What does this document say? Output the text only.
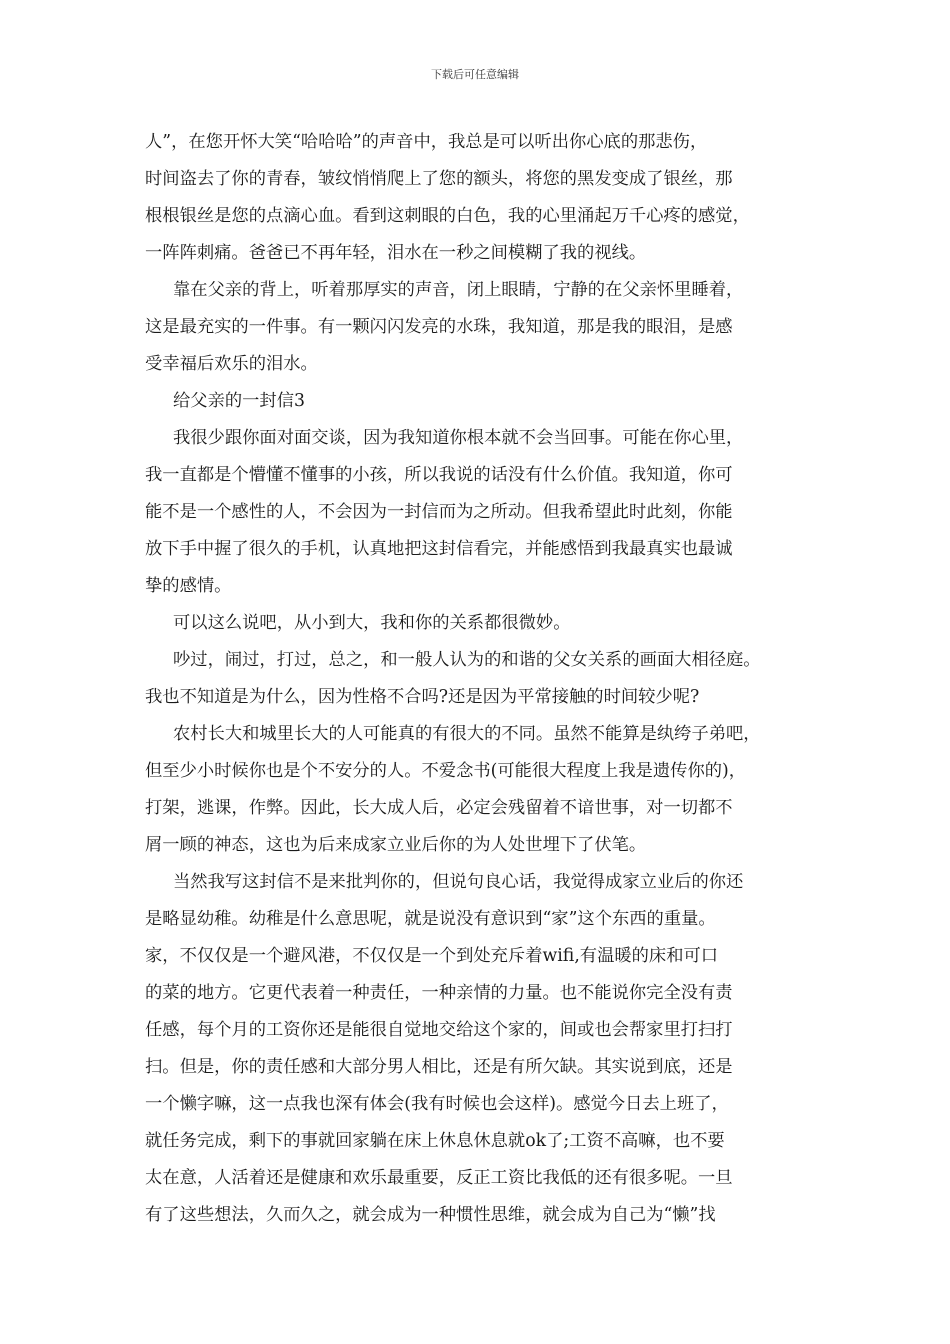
下载后可任意编辑
人”，在您开怀大笑“哈哈哈”的声音中，我总是可以听出你心底的那悲伤，
时间盗去了你的青春，皱纹悄悄爬上了您的额头，将您的黑发变成了银丝，那
根根银丝是您的点滴心血。看到这刺眼的白色，我的心里涌起万千心疼的感觉，
一阵阵刺痛。爸爸已不再年轻，泪水在一秒之间模糊了我的视线。
靠在父亲的背上，听着那厚实的声音，闭上眼睛，宁静的在父亲怀里睡着，
这是最充实的一件事。有一颗闪闪发亮的水珠，我知道，那是我的眼泪，是感
受幸福后欢乐的泪水。
给父亲的一封信3
我很少跟你面对面交谈，因为我知道你根本就不会当回事。可能在你心里，
我一直都是个懵懂不懂事的小孩，所以我说的话没有什么价值。我知道，你可
能不是一个感性的人，不会因为一封信而为之所动。但我希望此时此刻，你能
放下手中握了很久的手机，认真地把这封信看完，并能感悟到我最真实也最诚
挚的感情。
可以这么说吧，从小到大，我和你的关系都很微妙。
吵过，闹过，打过，总之，和一般人认为的和谐的父女关系的画面大相径庭。
我也不知道是为什么，因为性格不合吗?还是因为平常接触的时间较少呢?
农村长大和城里长大的人可能真的有很大的不同。虽然不能算是纨绔子弟吧，
但至少小时候你也是个不安分的人。不爱念书(可能很大程度上我是遗传你的)，
打架，逃课，作弊。因此，长大成人后，必定会残留着不谙世事，对一切都不
屑一顾的神态，这也为后来成家立业后你的为人处世埋下了伏笔。
当然我写这封信不是来批判你的，但说句良心话，我觉得成家立业后的你还
是略显幼稚。幼稚是什么意思呢，就是说没有意识到“家”这个东西的重量。
家，不仅仅是一个避风港，不仅仅是一个到处充斥着wifi,有温暖的床和可口
的菜的地方。它更代表着一种责任，一种亲情的力量。也不能说你完全没有责
任感，每个月的工资你还是能很自觉地交给这个家的，间或也会帮家里打扫打
扫。但是，你的责任感和大部分男人相比，还是有所欠缺。其实说到底，还是
一个懒字嘛，这一点我也深有体会(我有时候也会这样)。感觉今日去上班了，
就任务完成，剩下的事就回家躺在床上休息休息就ok了;工资不高嘛，也不要
太在意，人活着还是健康和欢乐最重要，反正工资比我低的还有很多呢。一旦
有了这些想法，久而久之，就会成为一种惯性思维，就会成为自己为“懒”找
